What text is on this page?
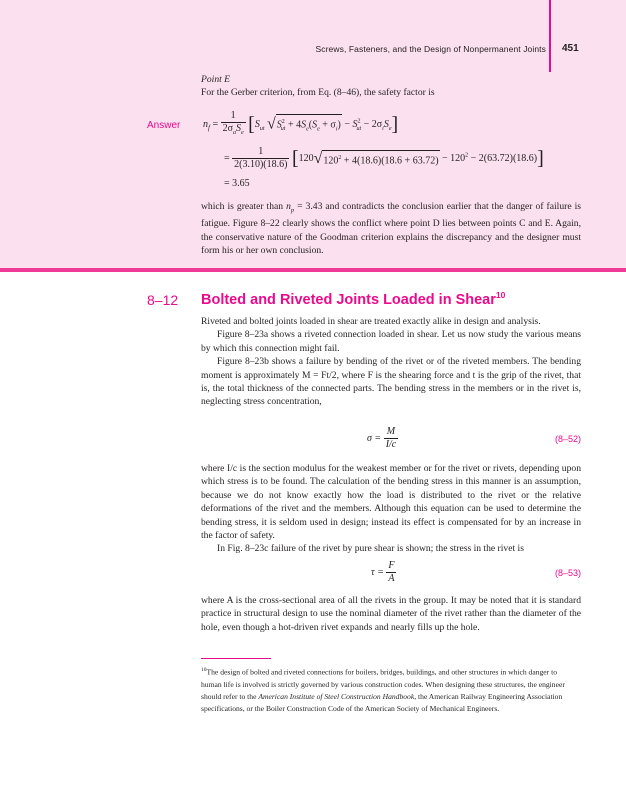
Screws, Fasteners, and the Design of Nonpermanent Joints 451
Point E
For the Gerber criterion, from Eq. (8–46), the safety factor is
Answer $n_f = \frac{1}{2\sigma_aS_e} [S_{ut}$ $√S^2_{ut} + 4S_e(S_e + \sigma_i) - S^2_{ut} - 2\sigma_iS_e$]
= $\frac{1}{2(3.10)(18.6)} [120√120^2 + 4(18.6)(18.6 + 63.72) - 120^2 - 2(63.72)(18.6)]$
= 3.65

which is greater than $n_p = 3.43$ and contradicts the conclusion earlier that the danger of failure is fatigue. Figure 8–22 clearly shows the conflict where point D lies between points C and E. Again, the conservative nature of the Goodman criterion explains the discrepancy and the designer must form his or her own conclusion.

8–12 Bolted and Riveted Joints Loaded in Shear$^{10}$

Riveted and bolted joints loaded in shear are treated exactly alike in design and analysis.

Figure 8–23a shows a riveted connection loaded in shear. Let us now study the various means by which this connection might fail.

Figure 8–23b shows a failure by bending of the rivet or of the riveted members. The bending moment is approximately M = Ft/2, where F is the shearing force and t is the grip of the rivet, that is, the total thickness of the connected parts. The bending stress in the members or in the rivet is, neglecting stress concentration,

$\sigma = \frac{M}{I/c}$	(8–52)

where I/c is the section modulus for the weakest member or for the rivet or rivets, depending upon which stress is to be found. The calculation of the bending stress in this manner is an assumption, because we do not know exactly how the load is distributed to the rivet or the relative deformations of the rivet and the members. Although this equation can be used to determine the bending stress, it is seldom used in design; instead its effect is compensated for by an increase in the factor of safety.

In Fig. 8–23c failure of the rivet by pure shear is shown; the stress in the rivet is

$\tau = \frac{F}{A}$	(8–53)

where A is the cross-sectional area of all the rivets in the group. It may be noted that it is standard practice in structural design to use the nominal diameter of the rivet rather than the diameter of the hole, even though a hot-driven rivet expands and nearly fills up the hole.

$^{10}$The design of bolted and riveted connections for boilers, bridges, buildings, and other structures in which danger to human life is involved is strictly governed by various construction codes. When designing these structures, the engineer should refer to the American Institute of Steel Construction Handbook, the American Railway Engineering Association specifications, or the Boiler Construction Code of the American Society of Mechanical Engineers.
